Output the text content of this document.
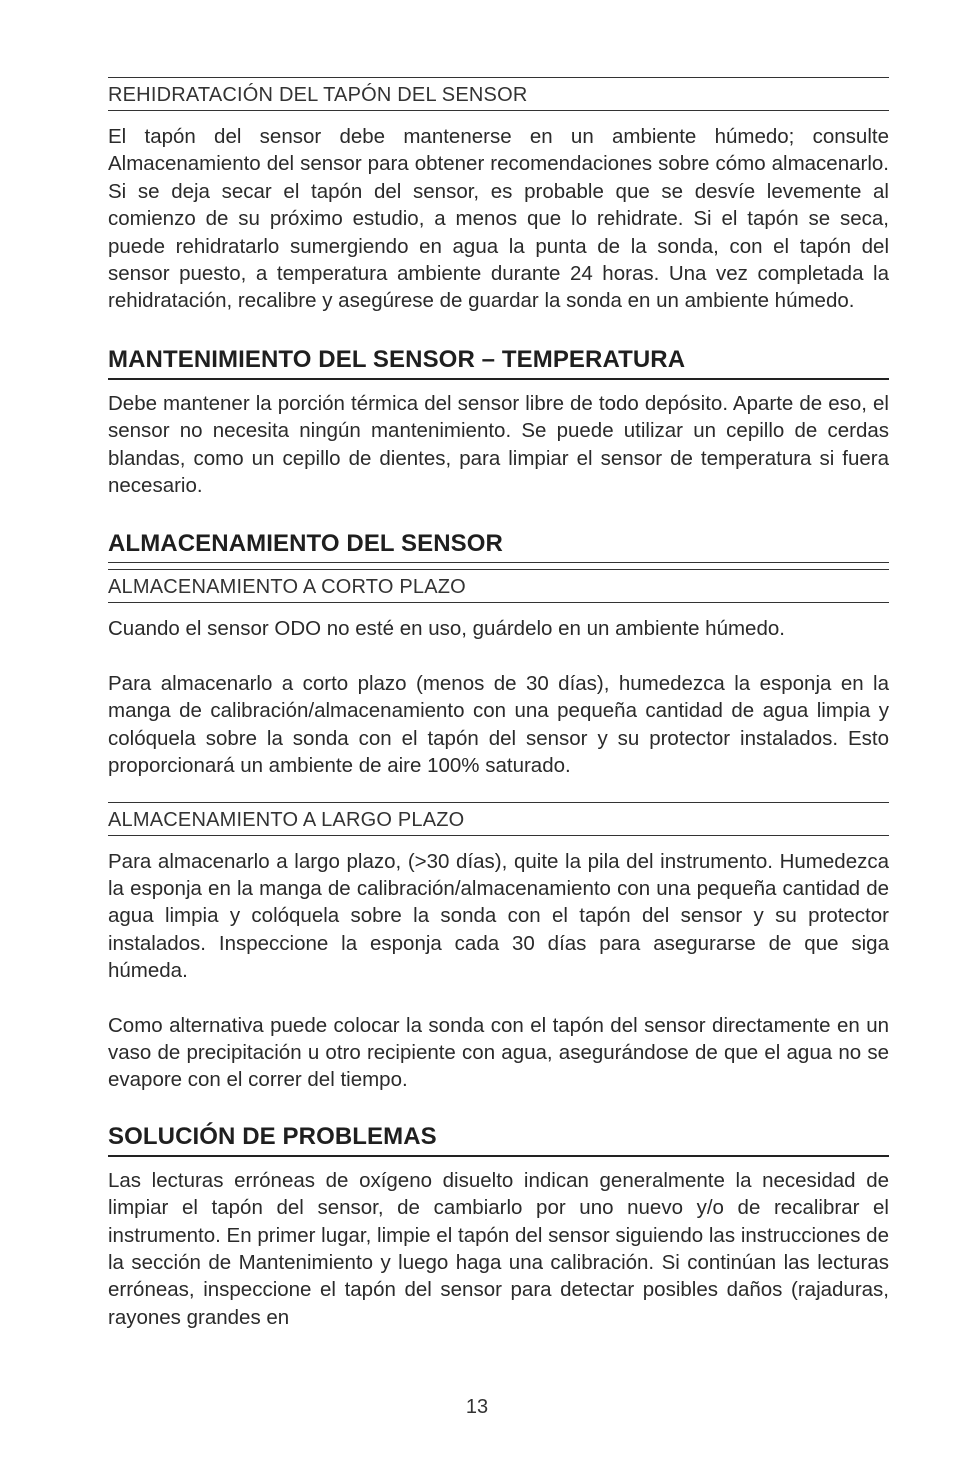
REHIDRATACIÓN DEL TAPÓN DEL SENSOR

El tapón del sensor debe mantenerse en un ambiente húmedo; consulte Almacenamiento del sensor para obtener recomendaciones sobre cómo almacenarlo. Si se deja secar el tapón del sensor, es probable que se desvíe levemente al comienzo de su próximo estudio, a menos que lo rehidrate. Si el tapón se seca, puede rehidratarlo sumergiendo en agua la punta de la sonda, con el tapón del sensor puesto, a temperatura ambiente durante 24 horas. Una vez completada la rehidratación, recalibre y asegúrese de guardar la sonda en un ambiente húmedo.

MANTENIMIENTO DEL SENSOR – TEMPERATURA

Debe mantener la porción térmica del sensor libre de todo depósito. Aparte de eso, el sensor no necesita ningún mantenimiento. Se puede utilizar un cepillo de cerdas blandas, como un cepillo de dientes, para limpiar el sensor de temperatura si fuera necesario.

ALMACENAMIENTO DEL SENSOR
ALMACENAMIENTO A CORTO PLAZO

Cuando el sensor ODO no esté en uso, guárdelo en un ambiente húmedo.

Para almacenarlo a corto plazo (menos de 30 días), humedezca la esponja en la manga de calibración/almacenamiento con una pequeña cantidad de agua limpia y colóquela sobre la sonda con el tapón del sensor y su protector instalados. Esto proporcionará un ambiente de aire 100% saturado.

ALMACENAMIENTO A LARGO PLAZO

Para almacenarlo a largo plazo, (>30 días), quite la pila del instrumento. Humedezca la esponja en la manga de calibración/almacenamiento con una pequeña cantidad de agua limpia y colóquela sobre la sonda con el tapón del sensor y su protector instalados. Inspeccione la esponja cada 30 días para asegurarse de que siga húmeda.

Como alternativa puede colocar la sonda con el tapón del sensor directamente en un vaso de precipitación u otro recipiente con agua, asegurándose de que el agua no se evapore con el correr del tiempo.

SOLUCIÓN DE PROBLEMAS

Las lecturas erróneas de oxígeno disuelto indican generalmente la necesidad de limpiar el tapón del sensor, de cambiarlo por uno nuevo y/o de recalibrar el instrumento. En primer lugar, limpie el tapón del sensor siguiendo las instrucciones de la sección de Mantenimiento y luego haga una calibración. Si continúan las lecturas erróneas, inspeccione el tapón del sensor para detectar posibles daños (rajaduras, rayones grandes en

13
